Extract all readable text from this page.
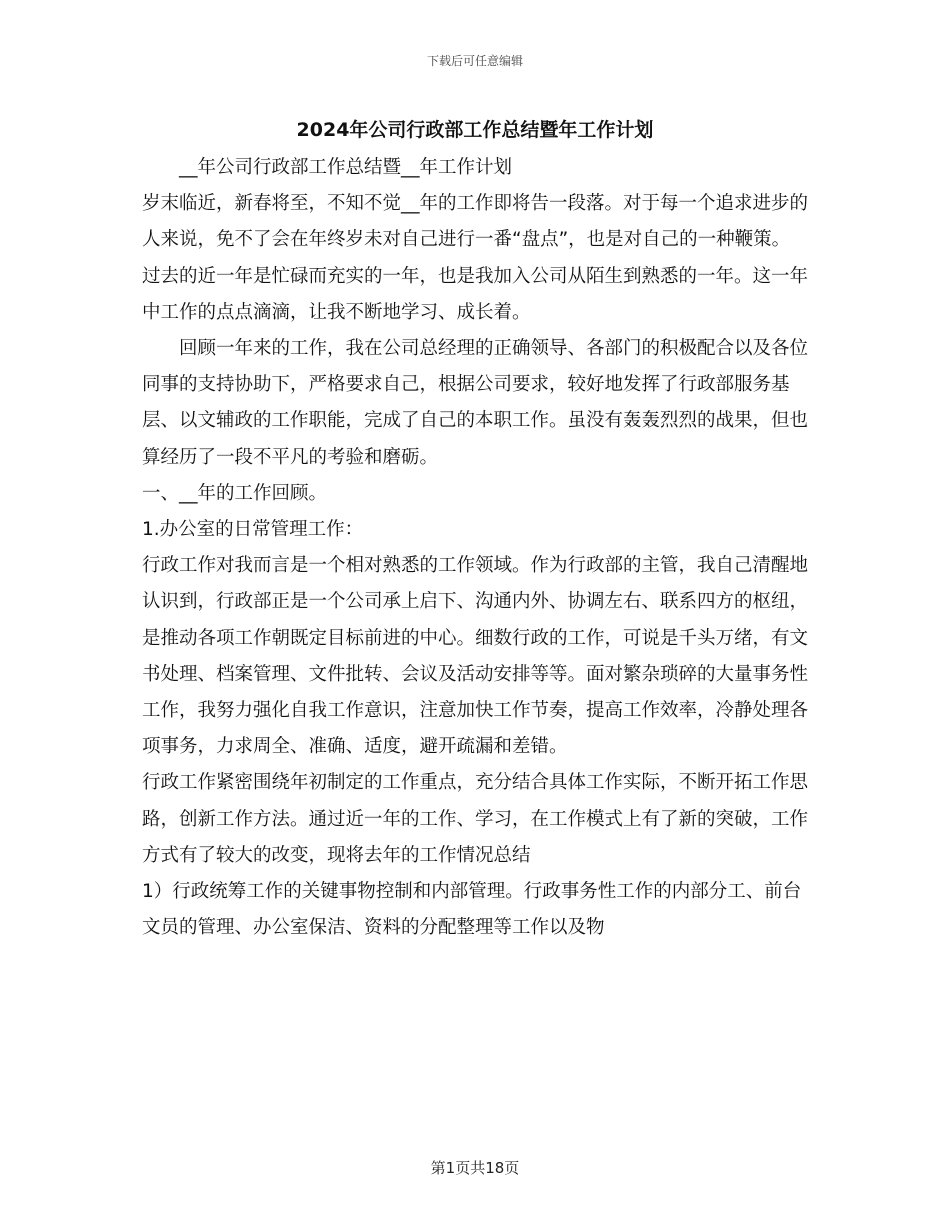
下载后可任意编辑
2024年公司行政部工作总结暨年工作计划

__年公司行政部工作总结暨__年工作计划

岁末临近，新春将至，不知不觉__年的工作即将告一段落。对于每一个追求进步的人来说，免不了会在年终岁未对自己进行一番“盘点”，也是对自己的一种鞭策。

过去的近一年是忙碌而充实的一年，也是我加入公司从陌生到熟悉的一年。这一年中工作的点点滴滴，让我不断地学习、成长着。

回顾一年来的工作，我在公司总经理的正确领导、各部门的积极配合以及各位同事的支持协助下，严格要求自己，根据公司要求，较好地发挥了行政部服务基层、以文辅政的工作职能，完成了自己的本职工作。虽没有轰轰烈烈的战果，但也算经历了一段不平凡的考验和磨砺。

一、__年的工作回顾。

1.办公室的日常管理工作：

行政工作对我而言是一个相对熟悉的工作领域。作为行政部的主管，我自己清醒地认识到，行政部正是一个公司承上启下、沟通内外、协调左右、联系四方的枢纽，是推动各项工作朝既定目标前进的中心。细数行政的工作，可说是千头万绪，有文书处理、档案管理、文件批转、会议及活动安排等等。面对繁杂琐碎的大量事务性工作，我努力强化自我工作意识，注意加快工作节奏，提高工作效率，冷静处理各项事务，力求周全、准确、适度，避开疏漏和差错。

行政工作紧密围绕年初制定的工作重点，充分结合具体工作实际，不断开拓工作思路，创新工作方法。通过近一年的工作、学习，在工作模式上有了新的突破，工作方式有了较大的改变，现将去年的工作情况总结

1）行政统筹工作的关键事物控制和内部管理。行政事务性工作的内部分工、前台文员的管理、办公室保洁、资料的分配整理等工作以及物

第1页共18页
